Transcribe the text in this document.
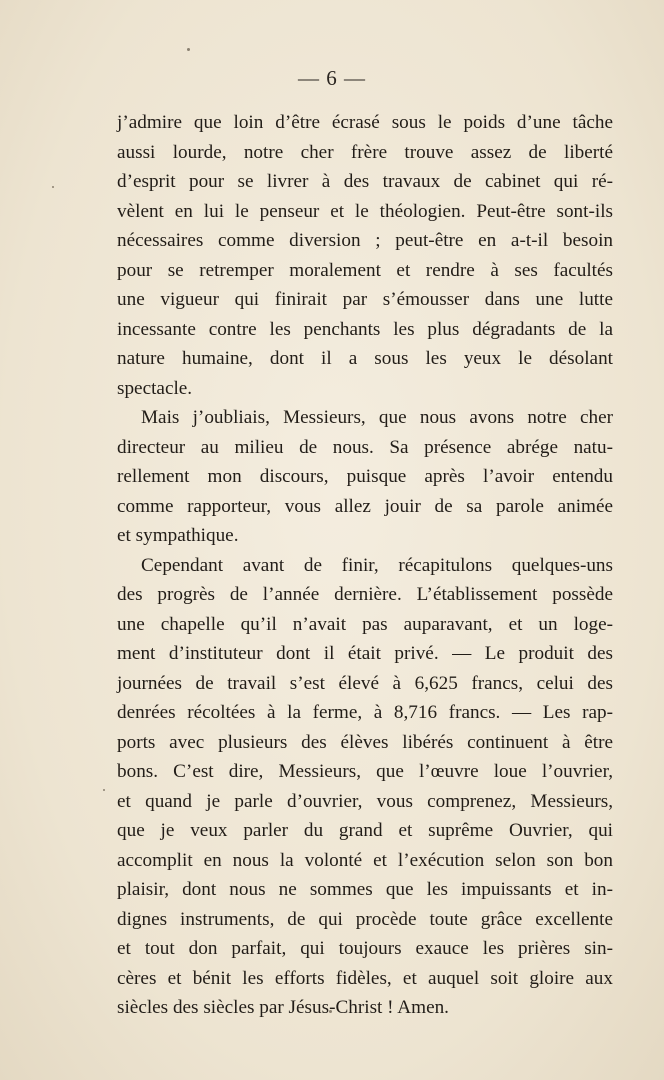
— 6 —
j’admire que loin d’être écrasé sous le poids d’une tâche
aussi lourde, notre cher frère trouve assez de liberté
d’esprit pour se livrer à des travaux de cabinet qui ré-
vèlent en lui le penseur et le théologien. Peut-être sont-ils
nécessaires comme diversion ; peut-être en a-t-il besoin
pour se retremper moralement et rendre à ses facultés
une vigueur qui finirait par s’émousser dans une lutte
incessante contre les penchants les plus dégradants de la
nature humaine, dont il a sous les yeux le désolant
spectacle.
Mais j’oubliais, Messieurs, que nous avons notre cher
directeur au milieu de nous. Sa présence abrége natu-
rellement mon discours, puisque après l’avoir entendu
comme rapporteur, vous allez jouir de sa parole animée
et sympathique.
Cependant avant de finir, récapitulons quelques-uns
des progrès de l’année dernière. L’établissement possède
une chapelle qu’il n’avait pas auparavant, et un loge-
ment d’instituteur dont il était privé. — Le produit des
journées de travail s’est élevé à 6,625 francs, celui des
denrées récoltées à la ferme, à 8,716 francs. — Les rap-
ports avec plusieurs des élèves libérés continuent à être
bons. C’est dire, Messieurs, que l’œuvre loue l’ouvrier,
et quand je parle d’ouvrier, vous comprenez, Messieurs,
que je veux parler du grand et suprême Ouvrier, qui
accomplit en nous la volonté et l’exécution selon son bon
plaisir, dont nous ne sommes que les impuissants et in-
dignes instruments, de qui procède toute grâce excellente
et tout don parfait, qui toujours exauce les prières sin-
cères et bénit les efforts fidèles, et auquel soit gloire aux
siècles des siècles par Jésus-Christ ! Amen.
